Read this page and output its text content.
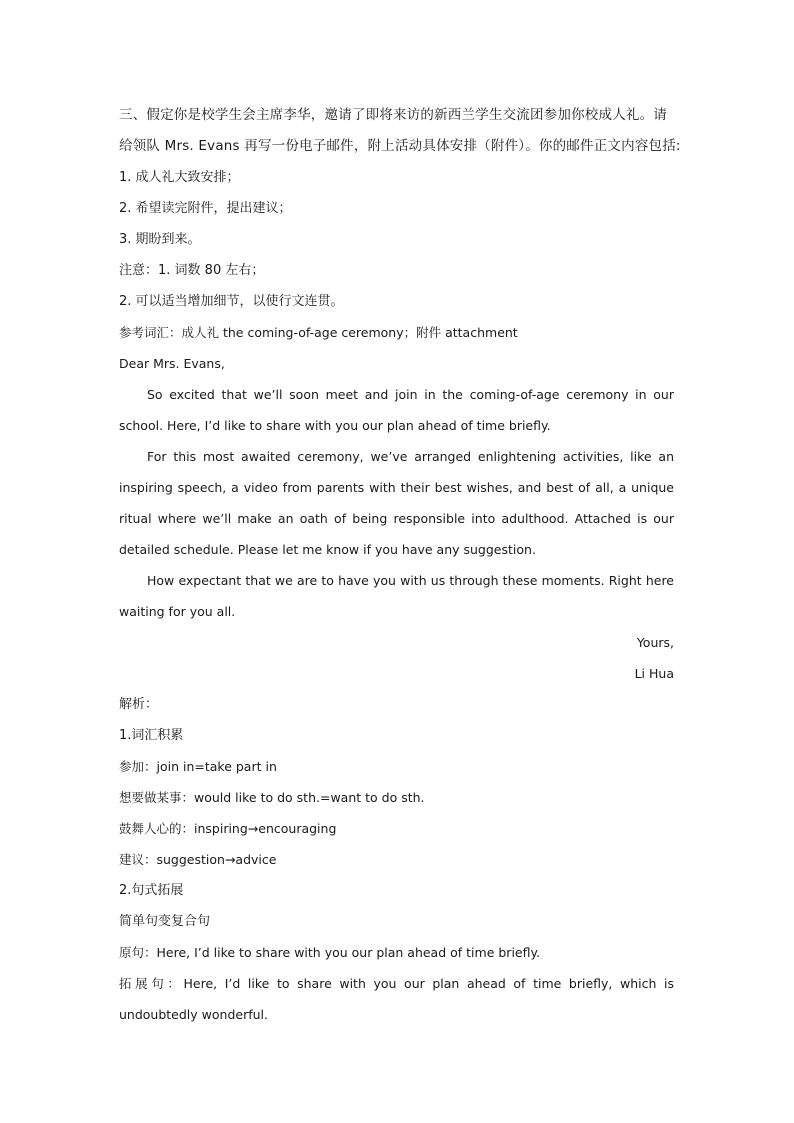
三、假定你是校学生会主席李华，邀请了即将来访的新西兰学生交流团参加你校成人礼。请
给领队 Mrs. Evans 再写一份电子邮件，附上活动具体安排（附件）。你的邮件正文内容包括:
1. 成人礼大致安排；
2. 希望读完附件，提出建议；
3. 期盼到来。
注意：1. 词数 80 左右；
2. 可以适当增加细节，以使行文连贯。
参考词汇：成人礼 the coming-of-age ceremony；附件 attachment
Dear Mrs. Evans,

So excited that we’ll soon meet and join in the coming-of-age ceremony in our school. Here, I’d like to share with you our plan ahead of time briefly.

For this most awaited ceremony, we’ve arranged enlightening activities, like an inspiring speech, a video from parents with their best wishes, and best of all, a unique ritual where we’ll make an oath of being responsible into adulthood. Attached is our detailed schedule. Please let me know if you have any suggestion.

How expectant that we are to have you with us through these moments. Right here waiting for you all.

Yours,
Li Hua
解析：
1.词汇积累
参加：join in=take part in
想要做某事：would like to do sth.=want to do sth.
鼓舞人心的：inspiring→encouraging
建议：suggestion→advice
2.句式拓展
简单句变复合句
原句：Here, I’d like to share with you our plan ahead of time briefly.

拓展句：Here, I’d like to share with you our plan ahead of time briefly, which is undoubtedly wonderful.
